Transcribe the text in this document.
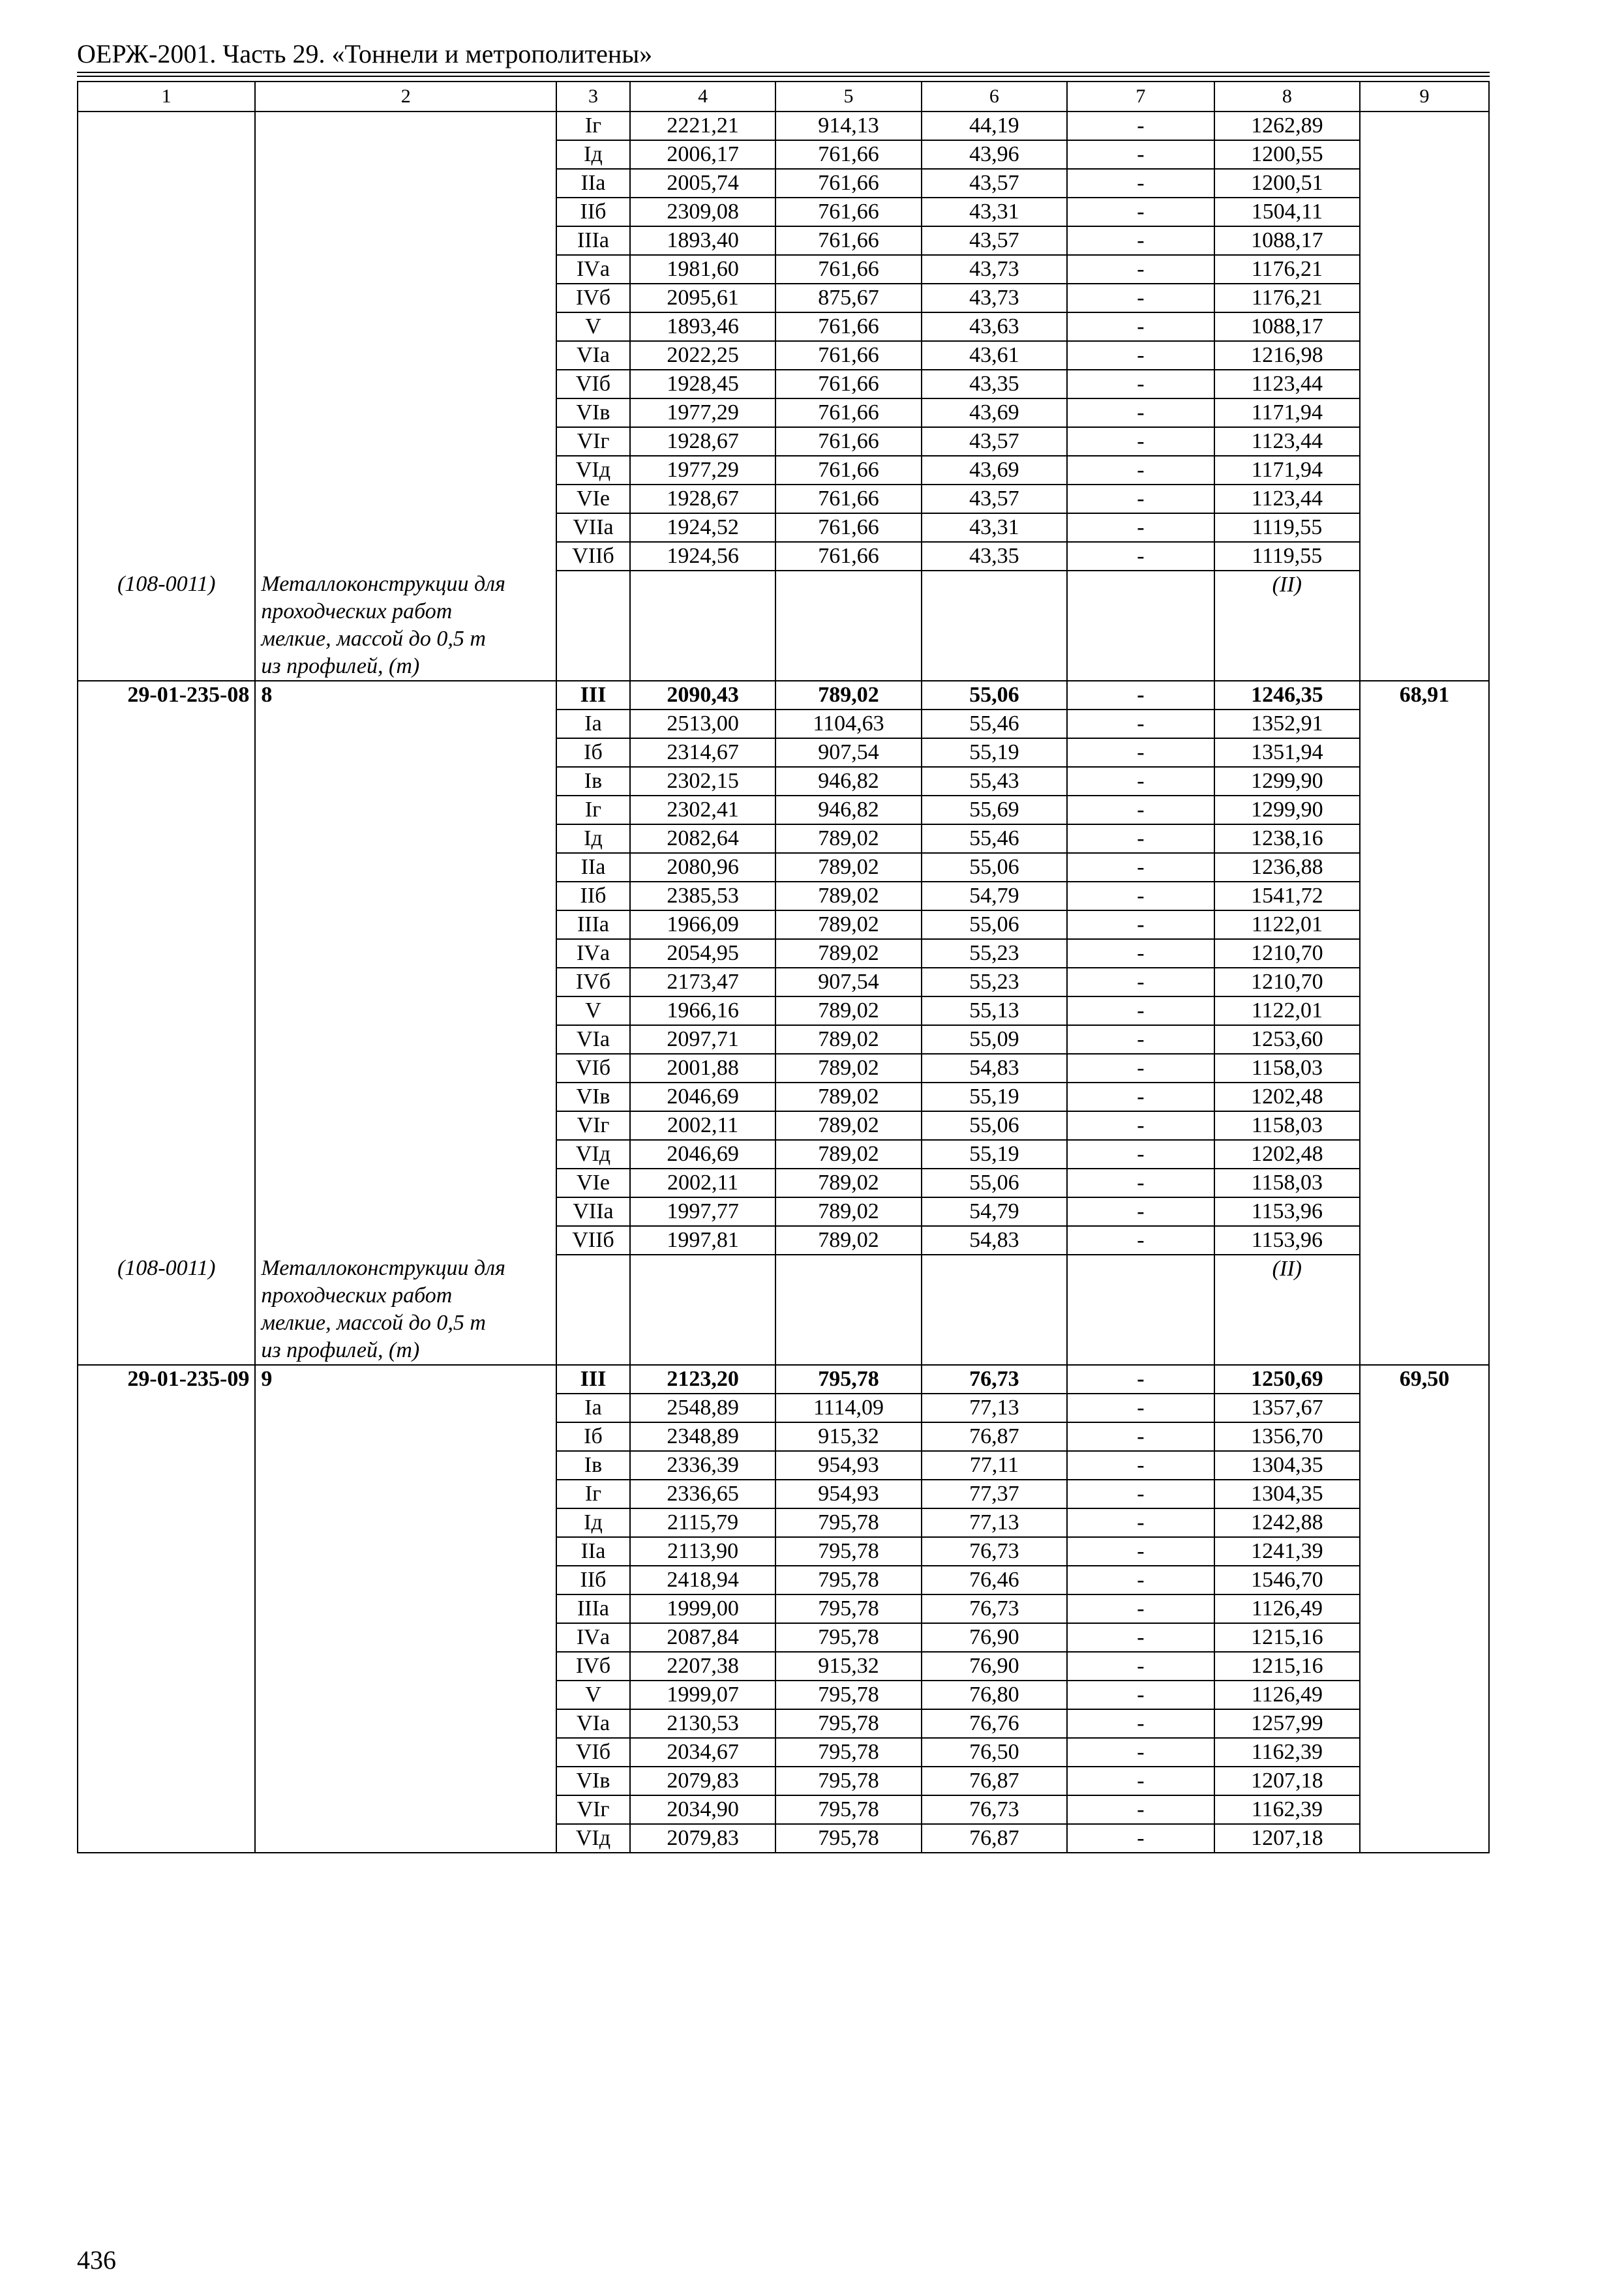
ОЕРЖ-2001. Часть 29. «Тоннели и метрополитены»
1	2	3	4	5	6	7	8	9
		Iг	2221,21	914,13	44,19	-	1262,89	
		Iд	2006,17	761,66	43,96	-	1200,55	
		IIа	2005,74	761,66	43,57	-	1200,51	
		IIб	2309,08	761,66	43,31	-	1504,11	
		IIIа	1893,40	761,66	43,57	-	1088,17	
		IVа	1981,60	761,66	43,73	-	1176,21	
		IVб	2095,61	875,67	43,73	-	1176,21	
		V	1893,46	761,66	43,63	-	1088,17	
		VIа	2022,25	761,66	43,61	-	1216,98	
		VIб	1928,45	761,66	43,35	-	1123,44	
		VIв	1977,29	761,66	43,69	-	1171,94	
		VIг	1928,67	761,66	43,57	-	1123,44	
		VIд	1977,29	761,66	43,69	-	1171,94	
		VIе	1928,67	761,66	43,57	-	1123,44	
		VIIа	1924,52	761,66	43,31	-	1119,55	
		VIIб	1924,56	761,66	43,35	-	1119,55	
(108-0011)	Металлоконструкции для
проходческих работ
мелкие, массой до 0,5 т
из профилей, (т)						(II)	
29-01-235-08	8	III	2090,43	789,02	55,06	-	1246,35	68,91
		Iа	2513,00	1104,63	55,46	-	1352,91	
		Iб	2314,67	907,54	55,19	-	1351,94	
		Iв	2302,15	946,82	55,43	-	1299,90	
		Iг	2302,41	946,82	55,69	-	1299,90	
		Iд	2082,64	789,02	55,46	-	1238,16	
		IIа	2080,96	789,02	55,06	-	1236,88	
		IIб	2385,53	789,02	54,79	-	1541,72	
		IIIа	1966,09	789,02	55,06	-	1122,01	
		IVа	2054,95	789,02	55,23	-	1210,70	
		IVб	2173,47	907,54	55,23	-	1210,70	
		V	1966,16	789,02	55,13	-	1122,01	
		VIа	2097,71	789,02	55,09	-	1253,60	
		VIб	2001,88	789,02	54,83	-	1158,03	
		VIв	2046,69	789,02	55,19	-	1202,48	
		VIг	2002,11	789,02	55,06	-	1158,03	
		VIд	2046,69	789,02	55,19	-	1202,48	
		VIе	2002,11	789,02	55,06	-	1158,03	
		VIIа	1997,77	789,02	54,79	-	1153,96	
		VIIб	1997,81	789,02	54,83	-	1153,96	
(108-0011)	Металлоконструкции для
проходческих работ
мелкие, массой до 0,5 т
из профилей, (т)						(II)	
29-01-235-09	9	III	2123,20	795,78	76,73	-	1250,69	69,50
		Iа	2548,89	1114,09	77,13	-	1357,67	
		Iб	2348,89	915,32	76,87	-	1356,70	
		Iв	2336,39	954,93	77,11	-	1304,35	
		Iг	2336,65	954,93	77,37	-	1304,35	
		Iд	2115,79	795,78	77,13	-	1242,88	
		IIа	2113,90	795,78	76,73	-	1241,39	
		IIб	2418,94	795,78	76,46	-	1546,70	
		IIIа	1999,00	795,78	76,73	-	1126,49	
		IVа	2087,84	795,78	76,90	-	1215,16	
		IVб	2207,38	915,32	76,90	-	1215,16	
		V	1999,07	795,78	76,80	-	1126,49	
		VIа	2130,53	795,78	76,76	-	1257,99	
		VIб	2034,67	795,78	76,50	-	1162,39	
		VIв	2079,83	795,78	76,87	-	1207,18	
		VIг	2034,90	795,78	76,73	-	1162,39	
		VIд	2079,83	795,78	76,87	-	1207,18	
436
